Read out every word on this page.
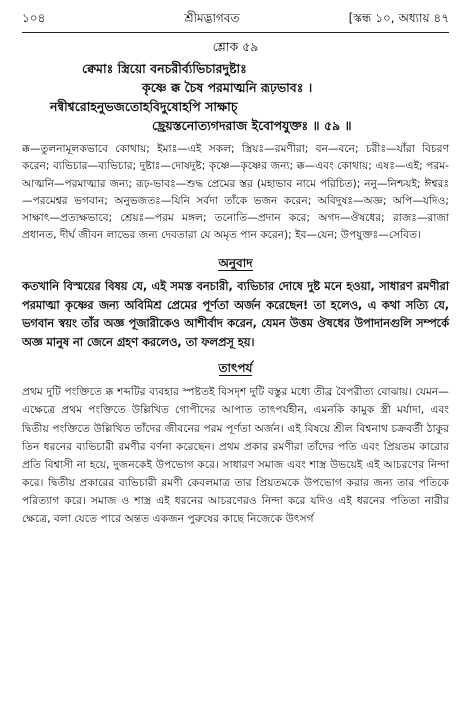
১০৪	শ্রীমদ্ভাগবত	[স্কন্ধ ১০, অধ্যায় ৪৭
শ্লোক ৫৯
ক্বেমাঃ স্ত্রিয়ো বনচরীর্ব্যভিচারদুষ্টাঃ
কৃষ্ণে ক্ক চৈষ পরমাত্মনি রূঢ়ভাবঃ ।
নন্বীশ্বরোহনুভজতোহবিদুষোহপি সাক্ষাচ্
ছ্রেয়স্তনোত্যগদরাজ ইবোপযুক্তঃ ॥ ৫৯ ॥

ক্ক—তুলনামূলকভাবে কোথায়; ইমাঃ—এই সকল; স্ত্রিয়ঃ—রমণীরা; বন—বনে; চরীঃ—যাঁরা বিচরণ করেন; ব্যভিচার—ব্যভিচার; দুষ্টাঃ—দোষদুষ্ট; কৃষ্ণে—কৃষ্ণের জন্য; ক্ক—এবং কোথায়; এষঃ—এই; পরম-আত্মনি—পরমাত্মার জন্য; রূঢ়-ভাবঃ—শুদ্ধ প্রেমের স্তর (মহাভাব নামে পরিচিত); ননু—নিশ্চয়ই; ঈশ্বরঃ—পরমেশ্বর ভগবান; অনুভজতঃ—যিনি সর্বদা তাঁকে ভজন করেন; অবিদুষঃ—অজ্ঞ; অপি—যদিও; সাক্ষাৎ—প্রত্যক্ষভাবে; শ্রেয়ঃ—পরম মঙ্গল; তনোতি—প্রদান করে; অগদ—ঔষধের; রাজঃ—রাজা প্রধানত, দীর্ঘ জীবন লাভের জন্য দেবতারা যে অমৃত পান করেন); ইব—যেন; উপযুক্তঃ—সেবিত।

অনুবাদ
কতখানি বিস্ময়ের বিষয় যে, এই সমস্ত বনচারী, ব্যভিচার দোষে দুষ্ট মনে হওয়া, সাধারণ রমণীরা পরমাত্মা কৃষ্ণের জন্য অবিমিশ্র প্রেমের পূর্ণতা অর্জন করেছেন! তা হলেও, এ কথা সত্যি যে, ভগবান স্বয়ং তাঁর অজ্ঞ পূজারীকেও আশীর্বাদ করেন, যেমন উত্তম ঔষধের উপাদানগুলি সম্পর্কে অজ্ঞ মানুষ না জেনে গ্রহণ করলেও, তা ফলপ্রসূ হয়।
তাৎপর্য
প্রথম দুটি পংক্তিতে ক্ক শব্দটির ব্যবহার স্পষ্টতই বিসদৃশ দুটি বস্তুর মধ্যে তীব্র বৈপরীত্য বোঝায়। যেমন—এক্ষেত্রে প্রথম পংক্তিতে উল্লিখিত গোপীদের আপাত তাৎপর্যহীন, এমনকি কামুক স্ত্রী মর্যাদা, এবং দ্বিতীয় পংক্তিতে উল্লিখিত তাঁদের জীবনের পরম পূর্ণতা অর্জন। এই বিষয়ে শ্রীল বিশ্বনাথ চক্রবর্তী ঠাকুর তিন ধরনের ব্যভিচারী রমণীর বর্ণনা করেছেন। প্রথম প্রকার রমণীরা তাঁদের পতি এবং প্রিয়তম কারোর প্রতি বিশ্বাসী না হয়ে, দুজনকেই উপভোগ করে। সাধারণ সমাজ এবং শাস্ত্র উভয়েই এই আচরণের নিন্দা করে। দ্বিতীয় প্রকারের ব্যভিচারী রমণী কেবলমাত্র তার প্রিয়তমকে উপভোগ করার জন্য তার পতিকে পরিত্যাগ করে। সমাজ ও শাস্ত্র এই ধরনের আচরণেরও নিন্দা করে যদিও এই ধরনের পতিতা নারীর ক্ষেত্রে, বলা যেতে পারে অন্তত একজন পুরুষের কাছে নিজেকে উৎসর্গ
